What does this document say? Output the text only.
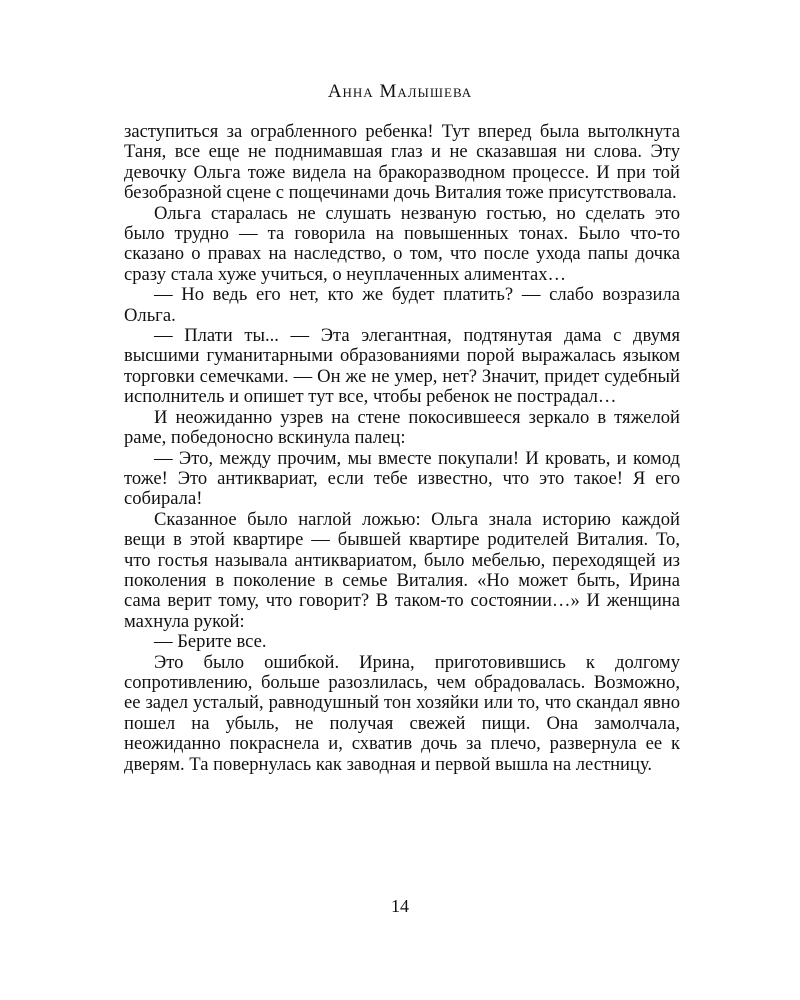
Анна Малышева

заступиться за ограбленного ребенка! Тут вперед была вытолкнута Таня, все еще не поднимавшая глаз и не сказавшая ни слова. Эту девочку Ольга тоже видела на бракоразводном процессе. И при той безобразной сцене с пощечинами дочь Виталия тоже присутствовала.

Ольга старалась не слушать незваную гостью, но сделать это было трудно — та говорила на повышенных тонах. Было что-то сказано о правах на наследство, о том, что после ухода папы дочка сразу стала хуже учиться, о неуплаченных алиментах…

— Но ведь его нет, кто же будет платить? — слабо возразила Ольга.

— Плати ты... — Эта элегантная, подтянутая дама с двумя высшими гуманитарными образованиями порой выражалась языком торговки семечками. — Он же не умер, нет? Значит, придет судебный исполнитель и опишет тут все, чтобы ребенок не пострадал…

И неожиданно узрев на стене покосившееся зеркало в тяжелой раме, победоносно вскинула палец:

— Это, между прочим, мы вместе покупали! И кровать, и комод тоже! Это антиквариат, если тебе известно, что это такое! Я его собирала!

Сказанное было наглой ложью: Ольга знала историю каждой вещи в этой квартире — бывшей квартире родителей Виталия. То, что гостья называла антиквариатом, было мебелью, переходящей из поколения в поколение в семье Виталия. «Но может быть, Ирина сама верит тому, что говорит? В таком-то состоянии…» И женщина махнула рукой:

— Берите все.

Это было ошибкой. Ирина, приготовившись к долгому сопротивлению, больше разозлилась, чем обрадовалась. Возможно, ее задел усталый, равнодушный тон хозяйки или то, что скандал явно пошел на убыль, не получая свежей пищи. Она замолчала, неожиданно покраснела и, схватив дочь за плечо, развернула ее к дверям. Та повернулась как заводная и первой вышла на лестницу.

14
